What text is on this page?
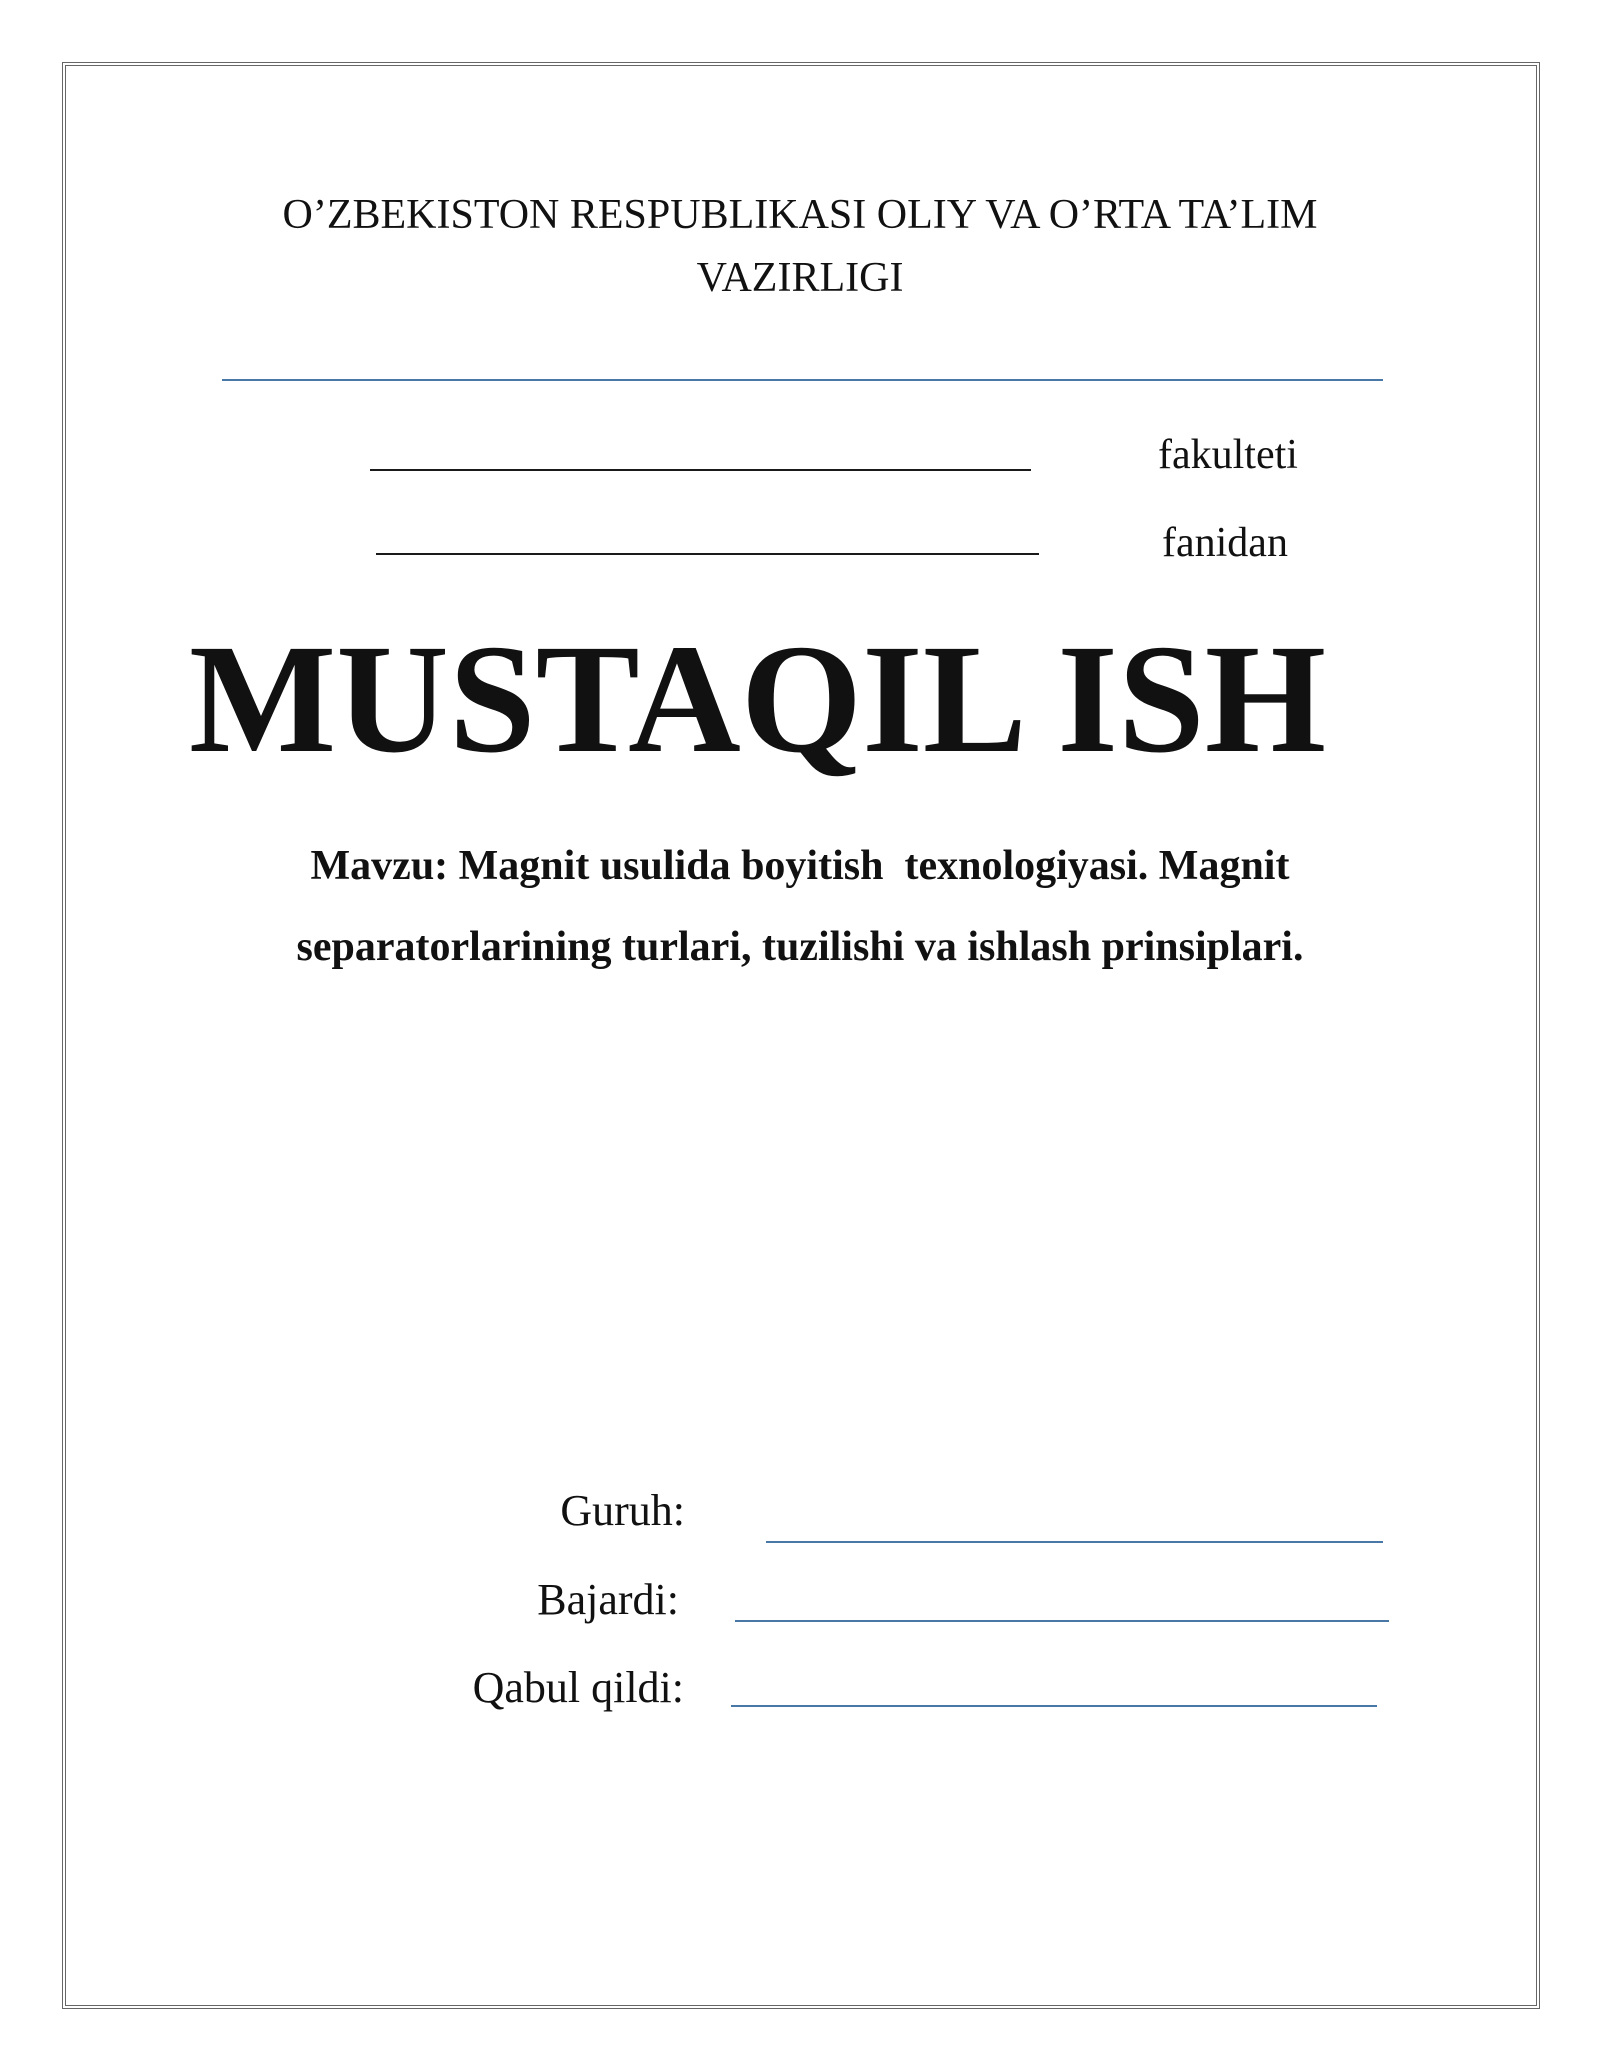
O’ZBEKISTON RESPUBLIKASI OLIY VA O’RTA TA’LIM
VAZIRLIGI
fakulteti
fanidan
MUSTAQIL ISH
Mavzu: Magnit usulida boyitish  texnologiyasi. Magnit
separatorlarining turlari, tuzilishi va ishlash prinsiplari.
Guruh:
Bajardi:
Qabul qildi:
